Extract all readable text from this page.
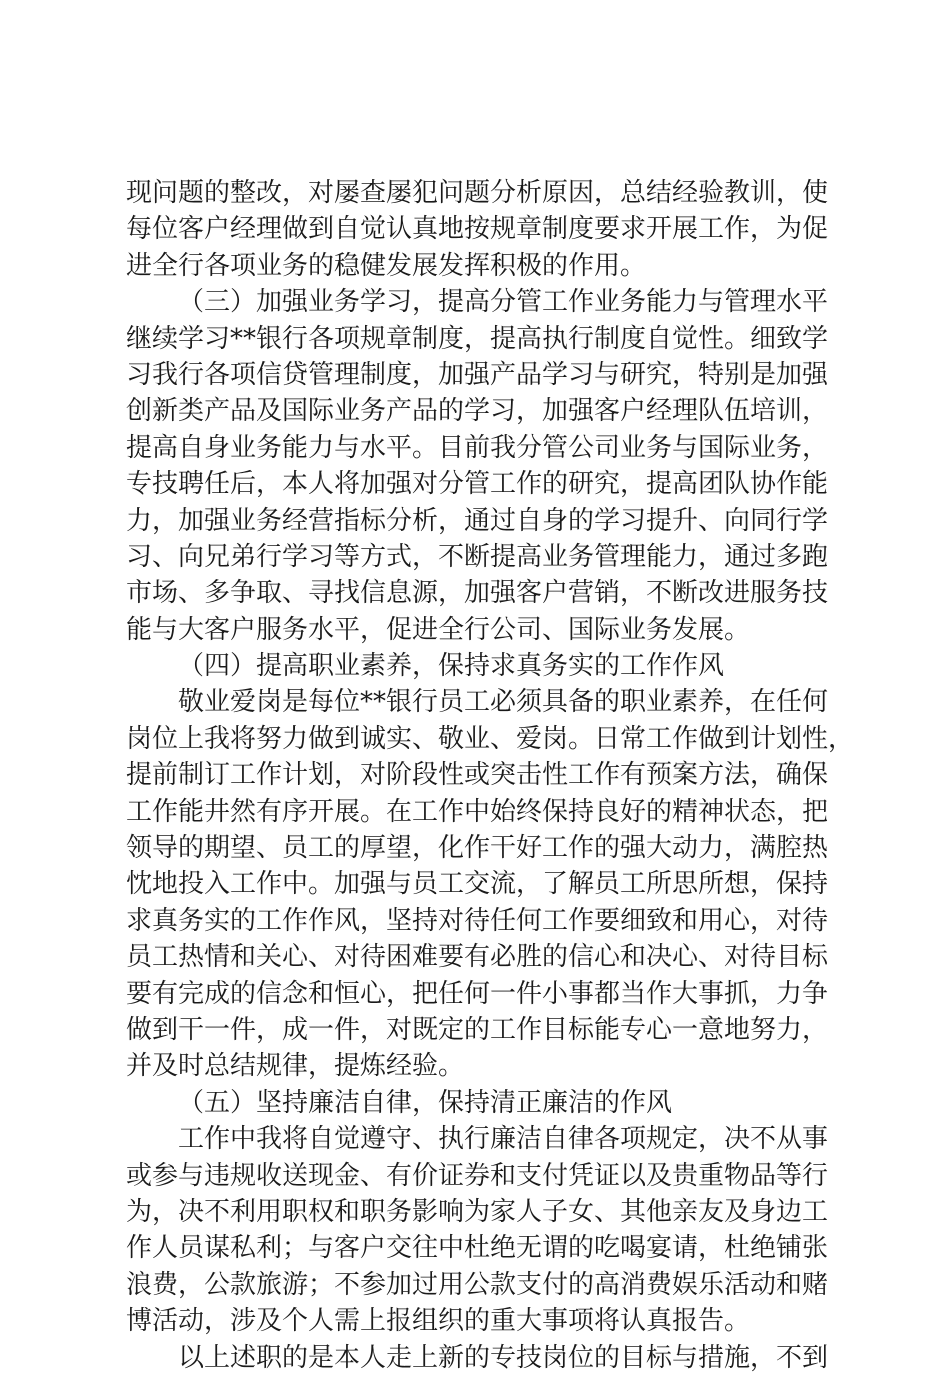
现问题的整改，对屡查屡犯问题分析原因，总结经验教训，使
每位客户经理做到自觉认真地按规章制度要求开展工作，为促
进全行各项业务的稳健发展发挥积极的作用。
（三）加强业务学习，提高分管工作业务能力与管理水平
继续学习**银行各项规章制度，提高执行制度自觉性。细致学
习我行各项信贷管理制度，加强产品学习与研究，特别是加强
创新类产品及国际业务产品的学习，加强客户经理队伍培训，
提高自身业务能力与水平。目前我分管公司业务与国际业务，
专技聘任后，本人将加强对分管工作的研究，提高团队协作能
力，加强业务经营指标分析，通过自身的学习提升、向同行学
习、向兄弟行学习等方式，不断提高业务管理能力，通过多跑
市场、多争取、寻找信息源，加强客户营销，不断改进服务技
能与大客户服务水平，促进全行公司、国际业务发展。
（四）提高职业素养，保持求真务实的工作作风
敬业爱岗是每位**银行员工必须具备的职业素养，在任何
岗位上我将努力做到诚实、敬业、爱岗。日常工作做到计划性，
提前制订工作计划，对阶段性或突击性工作有预案方法，确保
工作能井然有序开展。在工作中始终保持良好的精神状态，把
领导的期望、员工的厚望，化作干好工作的强大动力，满腔热
忱地投入工作中。加强与员工交流，了解员工所思所想，保持
求真务实的工作作风，坚持对待任何工作要细致和用心，对待
员工热情和关心、对待困难要有必胜的信心和决心、对待目标
要有完成的信念和恒心，把任何一件小事都当作大事抓，力争
做到干一件，成一件，对既定的工作目标能专心一意地努力，
并及时总结规律，提炼经验。
（五）坚持廉洁自律，保持清正廉洁的作风
工作中我将自觉遵守、执行廉洁自律各项规定，决不从事
或参与违规收送现金、有价证券和支付凭证以及贵重物品等行
为，决不利用职权和职务影响为家人子女、其他亲友及身边工
作人员谋私利；与客户交往中杜绝无谓的吃喝宴请，杜绝铺张
浪费，公款旅游；不参加过用公款支付的高消费娱乐活动和赌
博活动，涉及个人需上报组织的重大事项将认真报告。
以上述职的是本人走上新的专技岗位的目标与措施，不到
